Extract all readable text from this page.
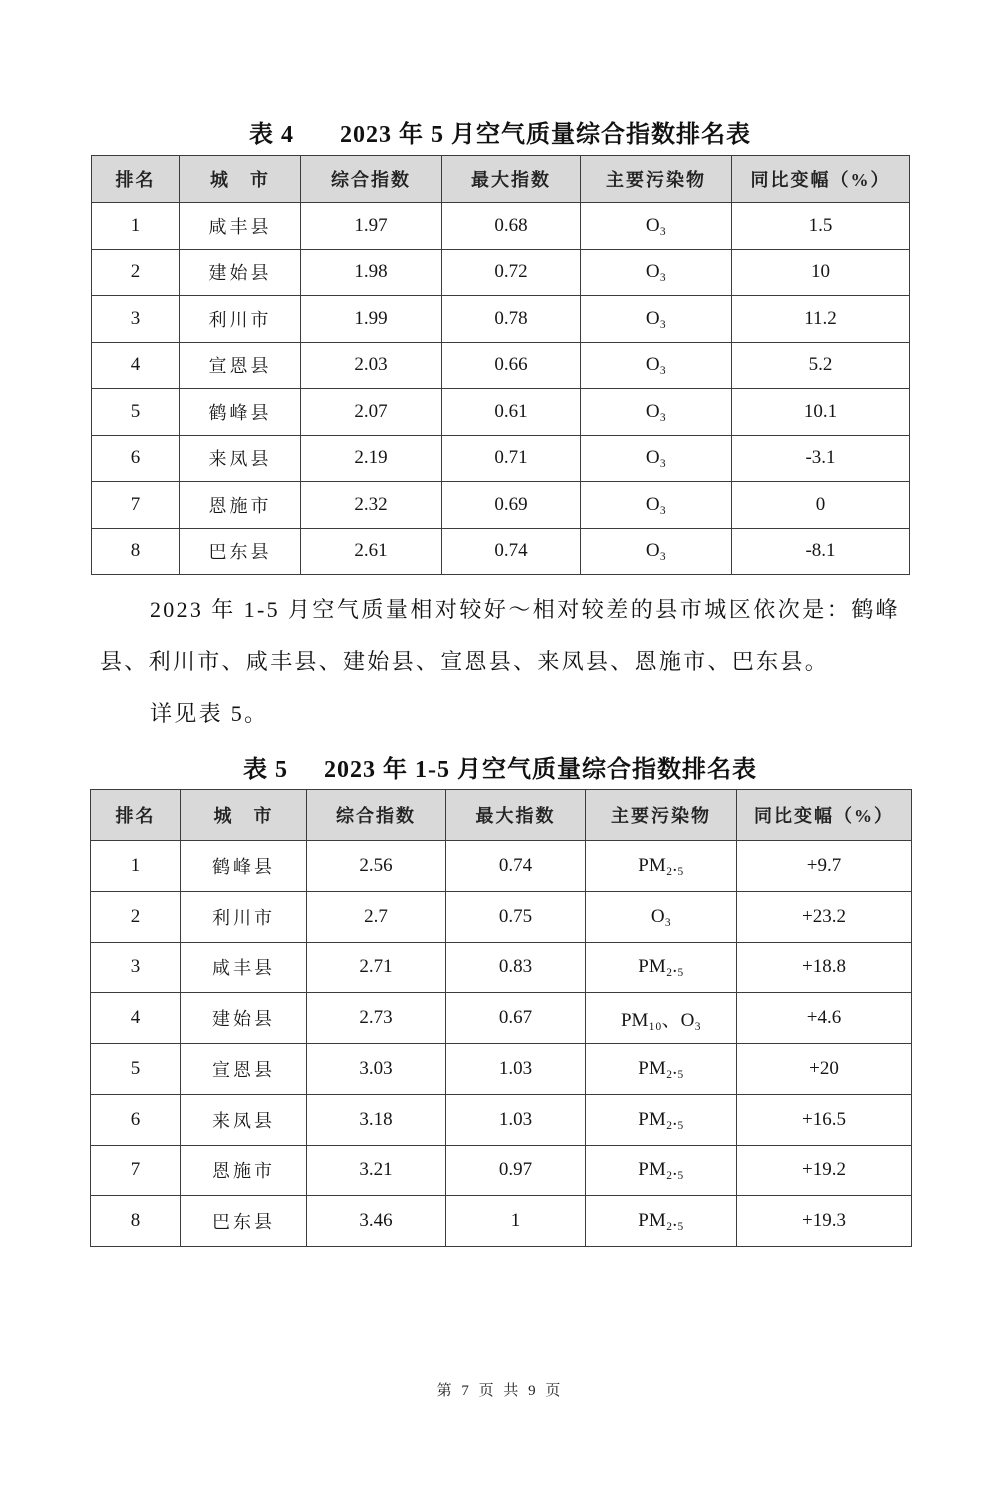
表 4 2023 年 5 月空气质量综合指数排名表
排名	城　市	综合指数	最大指数	主要污染物	同比变幅（%）
1	咸丰县	1.97	0.68	O₃	1.5
2	建始县	1.98	0.72	O₃	10
3	利川市	1.99	0.78	O₃	11.2
4	宣恩县	2.03	0.66	O₃	5.2
5	鹤峰县	2.07	0.61	O₃	10.1
6	来凤县	2.19	0.71	O₃	-3.1
7	恩施市	2.32	0.69	O₃	0
8	巴东县	2.61	0.74	O₃	-8.1

2023 年 1-5 月空气质量相对较好～相对较差的县市城区依次是：鹤峰县、利川市、咸丰县、建始县、宣恩县、来凤县、恩施市、巴东县。

详见表 5。

表 5 2023 年 1-5 月空气质量综合指数排名表
排名	城　市	综合指数	最大指数	主要污染物	同比变幅（%）
1	鹤峰县	2.56	0.74	PM₂.₅	+9.7
2	利川市	2.7	0.75	O₃	+23.2
3	咸丰县	2.71	0.83	PM₂.₅	+18.8
4	建始县	2.73	0.67	PM₁₀、O₃	+4.6
5	宣恩县	3.03	1.03	PM₂.₅	+20
6	来凤县	3.18	1.03	PM₂.₅	+16.5
7	恩施市	3.21	0.97	PM₂.₅	+19.2
8	巴东县	3.46	1	PM₂.₅	+19.3
第 7 页 共 9 页
